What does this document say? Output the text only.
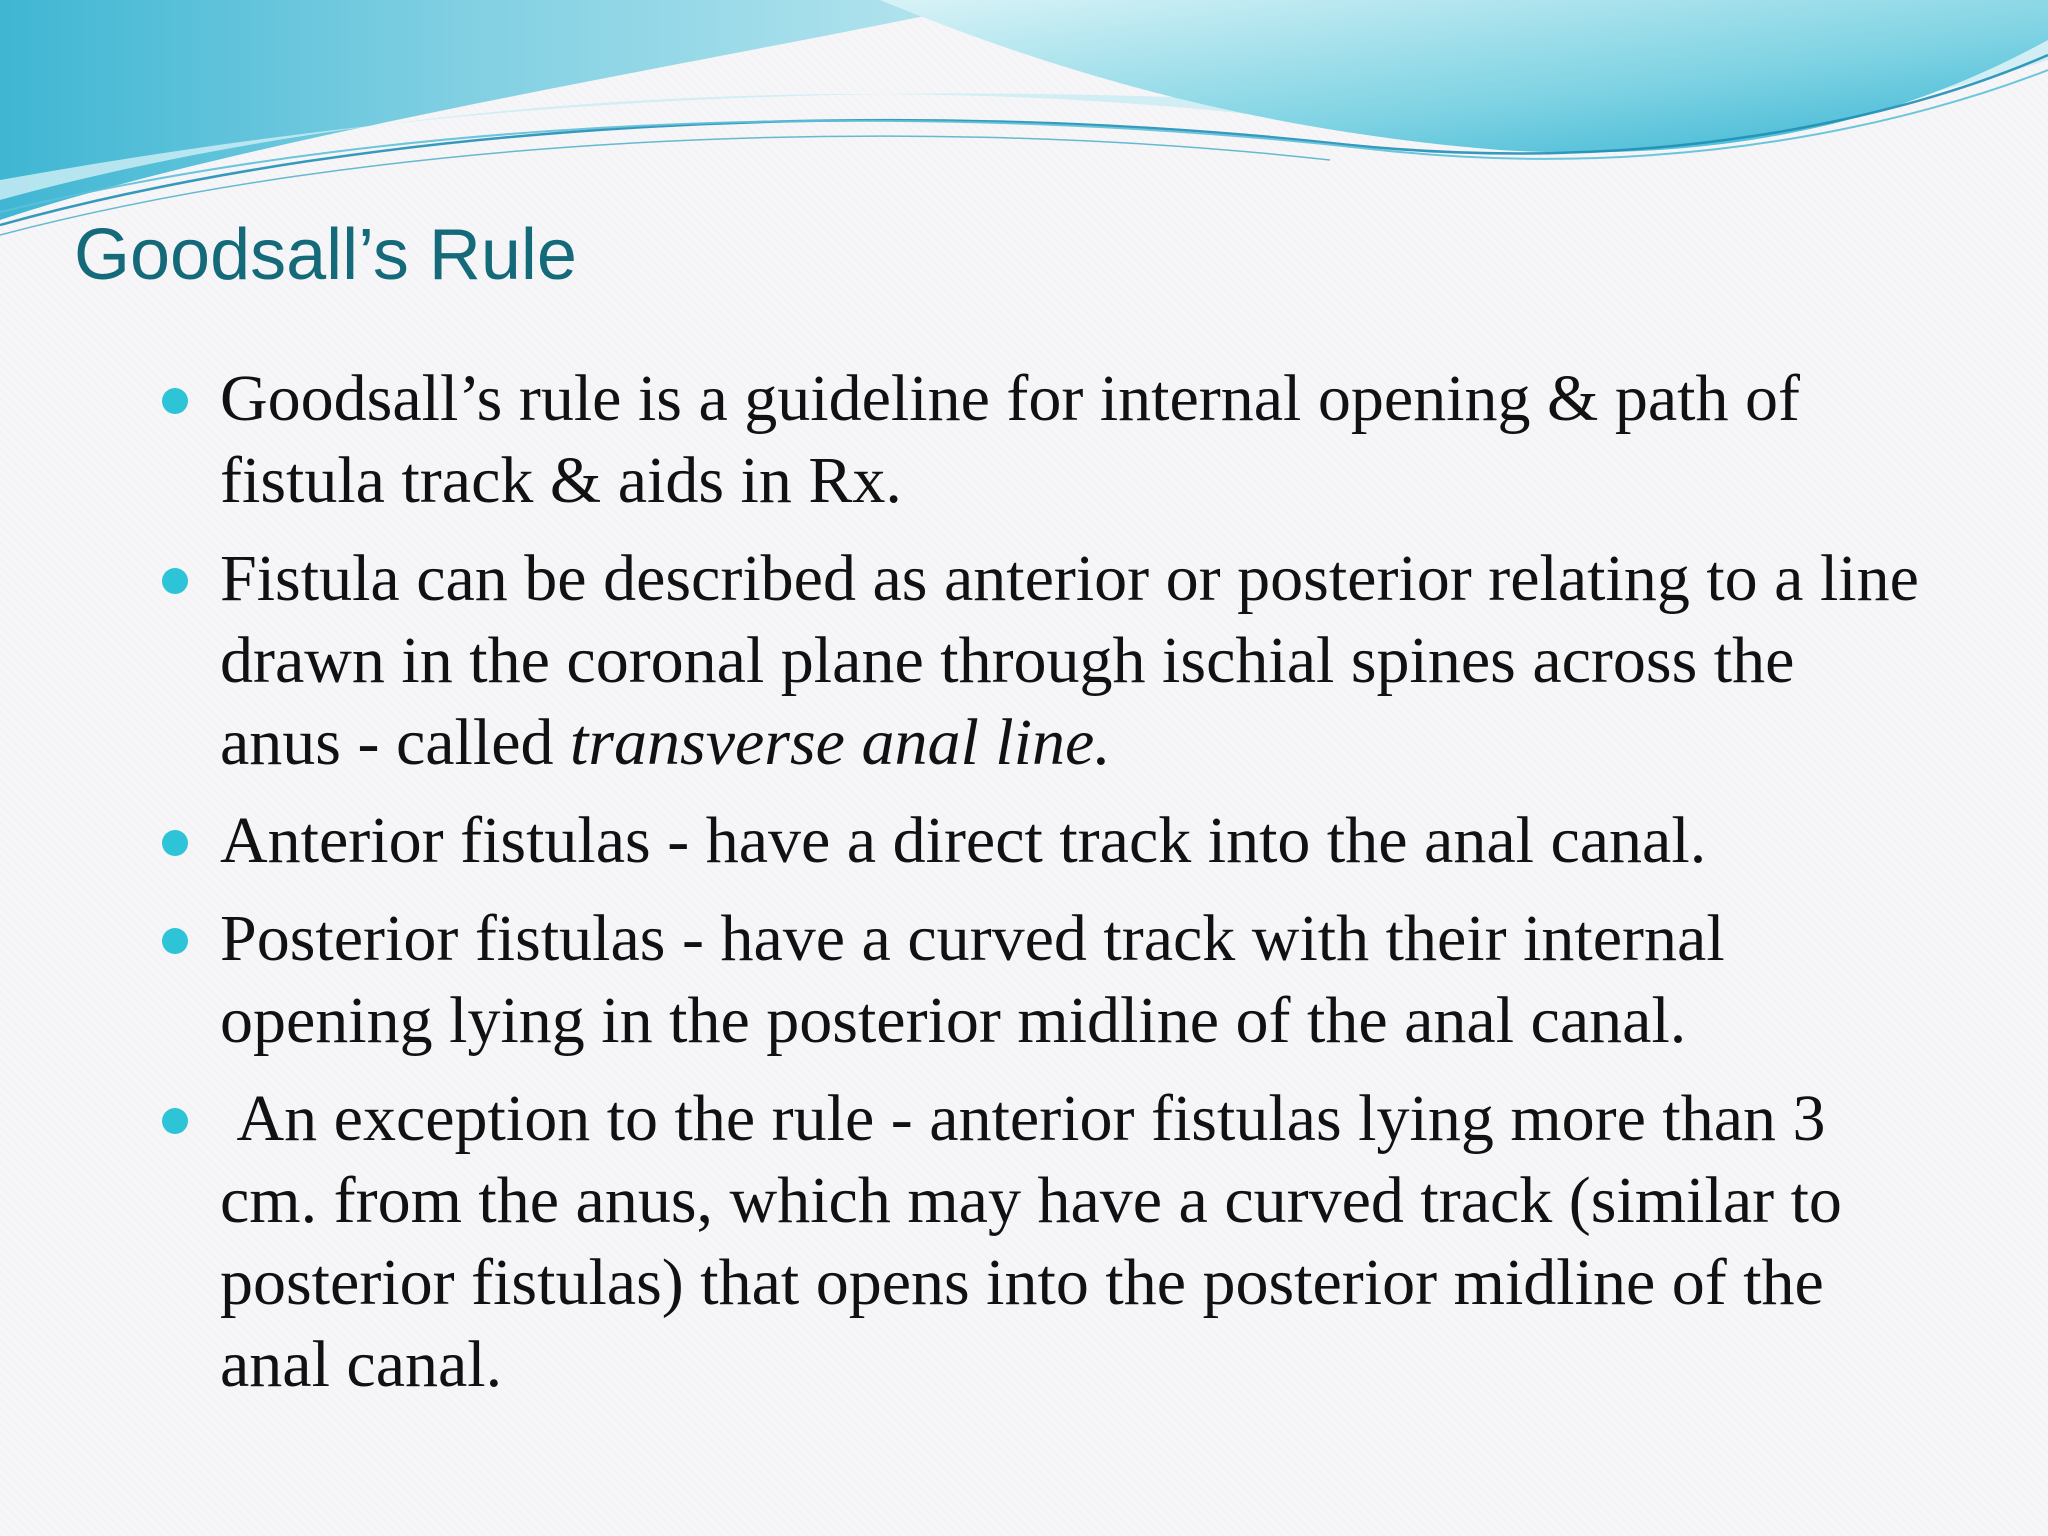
Goodsall’s Rule
Goodsall’s rule is a guideline for internal opening & path of fistula track & aids in Rx.
Fistula can be described as anterior or posterior relating to a line drawn in the coronal plane through ischial spines across the anus - called transverse anal line.
Anterior fistulas - have a direct track into the anal canal.
Posterior fistulas - have a curved track with their internal opening lying in the posterior midline of the anal canal.
An exception to the rule - anterior fistulas lying more than 3 cm. from the anus, which may have a curved track (similar to posterior fistulas) that opens into the posterior midline of the anal canal.
